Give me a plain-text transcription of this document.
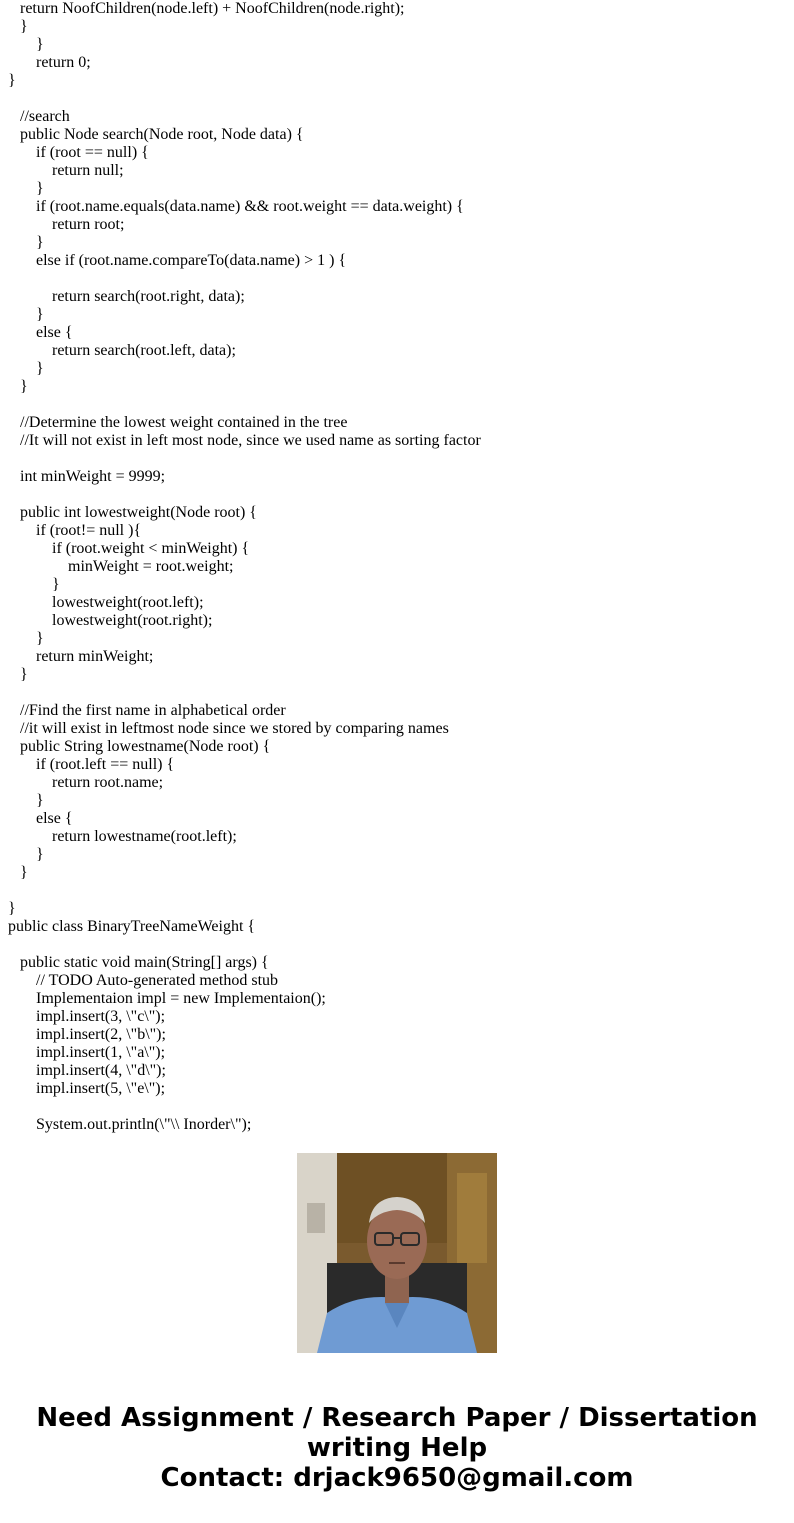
return NoofChildren(node.left) + NoofChildren(node.right);
}
}
return 0;
}
//search
public Node search(Node root, Node data) {
if (root == null) {
return null;
}
if (root.name.equals(data.name) && root.weight == data.weight) {
return root;
}
else if (root.name.compareTo(data.name) > 1 ) {
return search(root.right, data);
}
else {
return search(root.left, data);
}
}
//Determine the lowest weight contained in the tree
//It will not exist in left most node, since we used name as sorting factor
int minWeight = 9999;
public int lowestweight(Node root) {
if (root!= null ){
if (root.weight < minWeight) {
minWeight = root.weight;
}
lowestweight(root.left);
lowestweight(root.right);
}
return minWeight;
}
//Find the first name in alphabetical order
//it will exist in leftmost node since we stored by comparing names
public String lowestname(Node root) {
if (root.left == null) {
return root.name;
}
else {
return lowestname(root.left);
}
}
}
public class BinaryTreeNameWeight {
public static void main(String[] args) {
// TODO Auto-generated method stub
Implementaion impl = new Implementaion();
impl.insert(3, \"c\");
impl.insert(2, \"b\");
impl.insert(1, \"a\");
impl.insert(4, \"d\");
impl.insert(5, \"e\");
System.out.println(\"\\ Inorder\");
Need Assignment / Research Paper / Dissertation
writing Help
Contact: drjack9650@gmail.com
